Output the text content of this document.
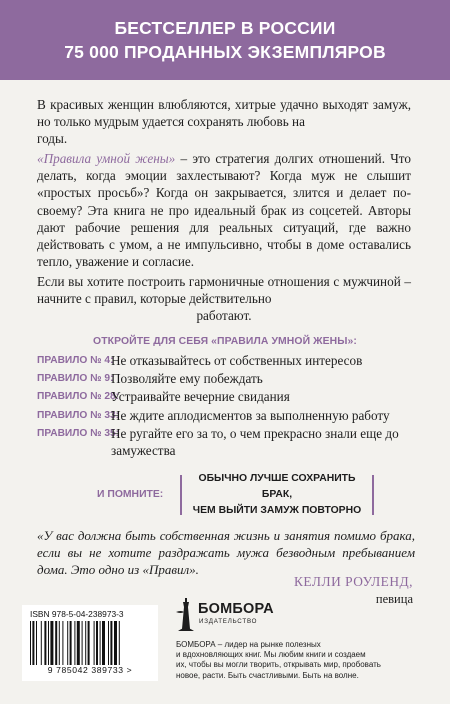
БЕСТСЕЛЛЕР В РОССИИ
75 000 ПРОДАННЫХ ЭКЗЕМПЛЯРОВ

В красивых женщин влюбляются, хитрые удачно выходят замуж, но только мудрым удается сохранять любовь на
годы.

«Правила умной жены» – это стратегия долгих отношений. Что делать, когда эмоции захлестывают? Когда муж не слышит «простых просьб»? Когда он закрывается, злится и делает по-своему? Эта книга не про идеальный брак из соцсетей. Авторы дают рабочие решения для реальных ситуаций, где важно действовать с умом, а не импульсивно, чтобы в доме оставались тепло, уважение и согласие.

Если вы хотите построить гармоничные отношения с мужчиной – начните с правил, которые действительно
работают.

ОТКРОЙТЕ ДЛЯ СЕБЯ «ПРАВИЛА УМНОЙ ЖЕНЫ»:
ПРАВИЛО № 4:
Не отказывайтесь от собственных интересов
ПРАВИЛО № 9:
Позволяйте ему побеждать
ПРАВИЛО № 28:
Устраивайте вечерние свидания
ПРАВИЛО № 33:
Не ждите аплодисментов за выполненную работу
ПРАВИЛО № 35:
Не ругайте его за то, о чем прекрасно знали еще до замужества
И ПОМНИТЕ:
ОБЫЧНО ЛУЧШЕ СОХРАНИТЬ БРАК,
ЧЕМ ВЫЙТИ ЗАМУЖ ПОВТОРНО

«У вас должна быть собственная жизнь и занятия помимо брака, если вы не хотите раздражать мужа безводным пребыванием дома. Это одно из «Правил».

КЕЛЛИ РОУЛЕНД,
певица
ISBN 978-5-04-238973-3
9 785042 389733 >
БОМБОРА
ИЗДАТЕЛЬСТВО

БОМБОРА – лидер на рынке полезных
и вдохновляющих книг. Мы любим книги и создаем
их, чтобы вы могли творить, открывать мир, пробовать
новое, расти. Быть счастливыми. Быть на волне.
